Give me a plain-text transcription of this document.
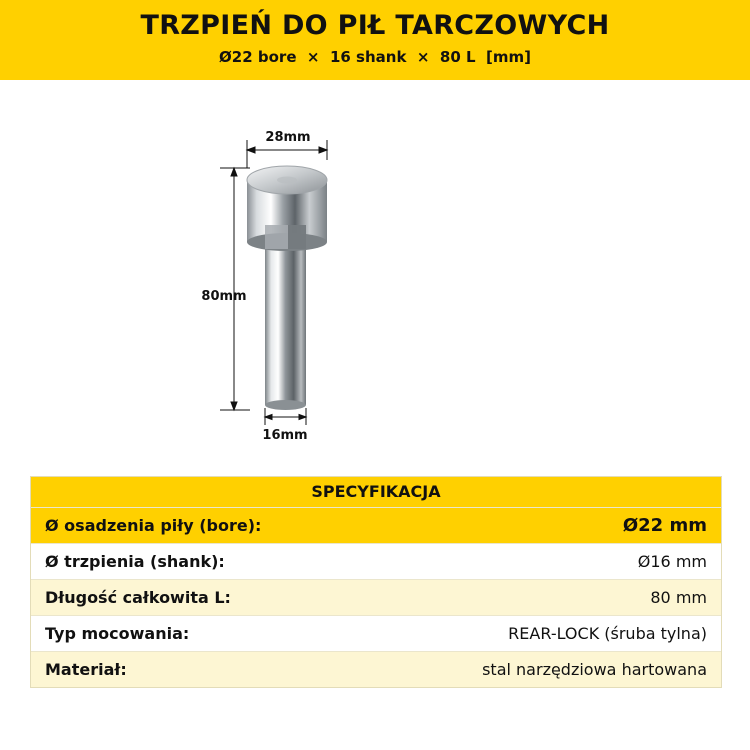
TRZPIEŃ DO PIŁ TARCZOWYCH
Ø22 bore  ×  16 shank  ×  80 L  [mm]
28mm
80mm
16mm
SPECYFIKACJA
Ø osadzenia piły (bore):	Ø22 mm
Ø trzpienia (shank):	Ø16 mm
Długość całkowita L:	80 mm
Typ mocowania:	REAR-LOCK (śruba tylna)
Materiał:	stal narzędziowa hartowana
